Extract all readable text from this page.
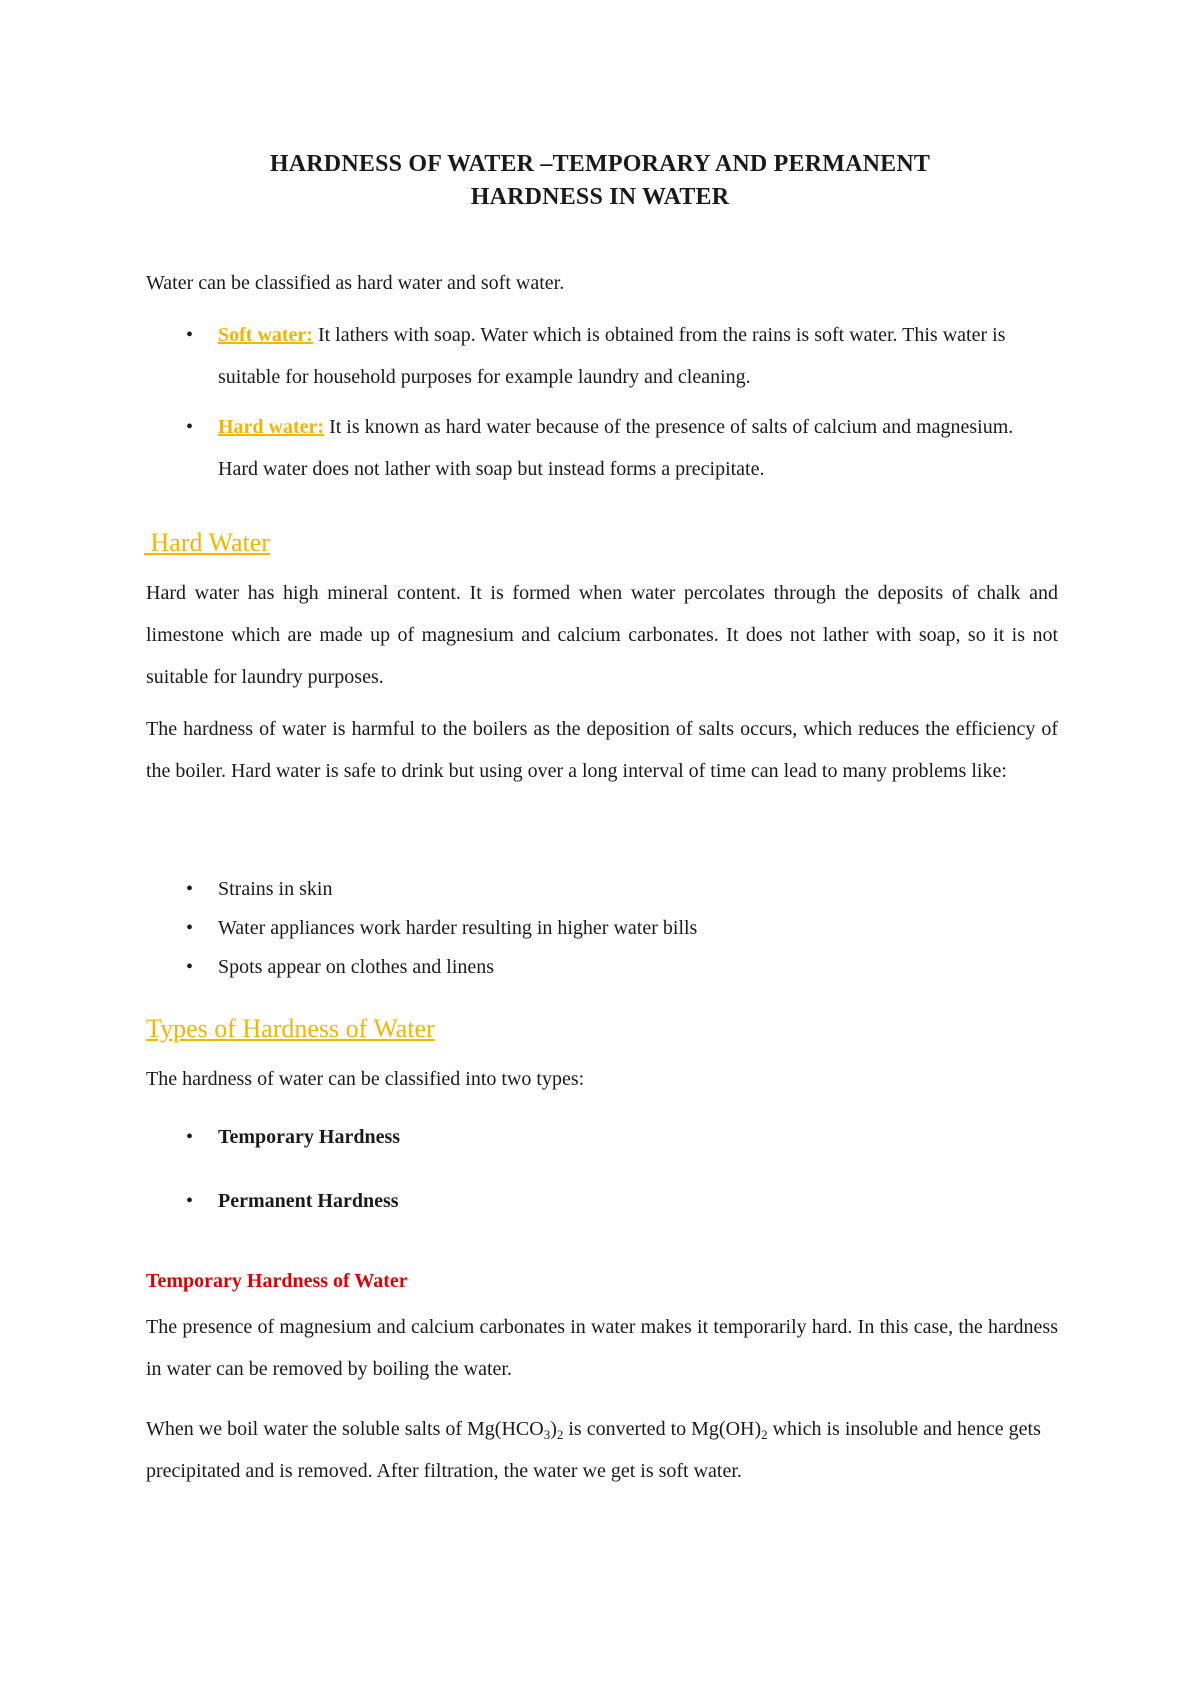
HARDNESS OF WATER –TEMPORARY AND PERMANENT
HARDNESS IN WATER

Water can be classified as hard water and soft water.

• Soft water: It lathers with soap. Water which is obtained from the rains is soft water. This water is suitable for household purposes for example laundry and cleaning.
• Hard water: It is known as hard water because of the presence of salts of calcium and magnesium. Hard water does not lather with soap but instead forms a precipitate.
Hard Water

Hard water has high mineral content. It is formed when water percolates through the deposits of chalk and limestone which are made up of magnesium and calcium carbonates. It does not lather with soap, so it is not suitable for laundry purposes.

The hardness of water is harmful to the boilers as the deposition of salts occurs, which reduces the efficiency of the boiler. Hard water is safe to drink but using over a long interval of time can lead to many problems like:

• Strains in skin
• Water appliances work harder resulting in higher water bills
• Spots appear on clothes and linens
Types of Hardness of Water

The hardness of water can be classified into two types:

• Temporary Hardness
• Permanent Hardness
Temporary Hardness of Water

The presence of magnesium and calcium carbonates in water makes it temporarily hard. In this case, the hardness in water can be removed by boiling the water.

When we boil water the soluble salts of $Mg(HCO_3)_2$ is converted to $Mg(OH)_2$ which is insoluble and hence gets precipitated and is removed. After filtration, the water we get is soft water.
